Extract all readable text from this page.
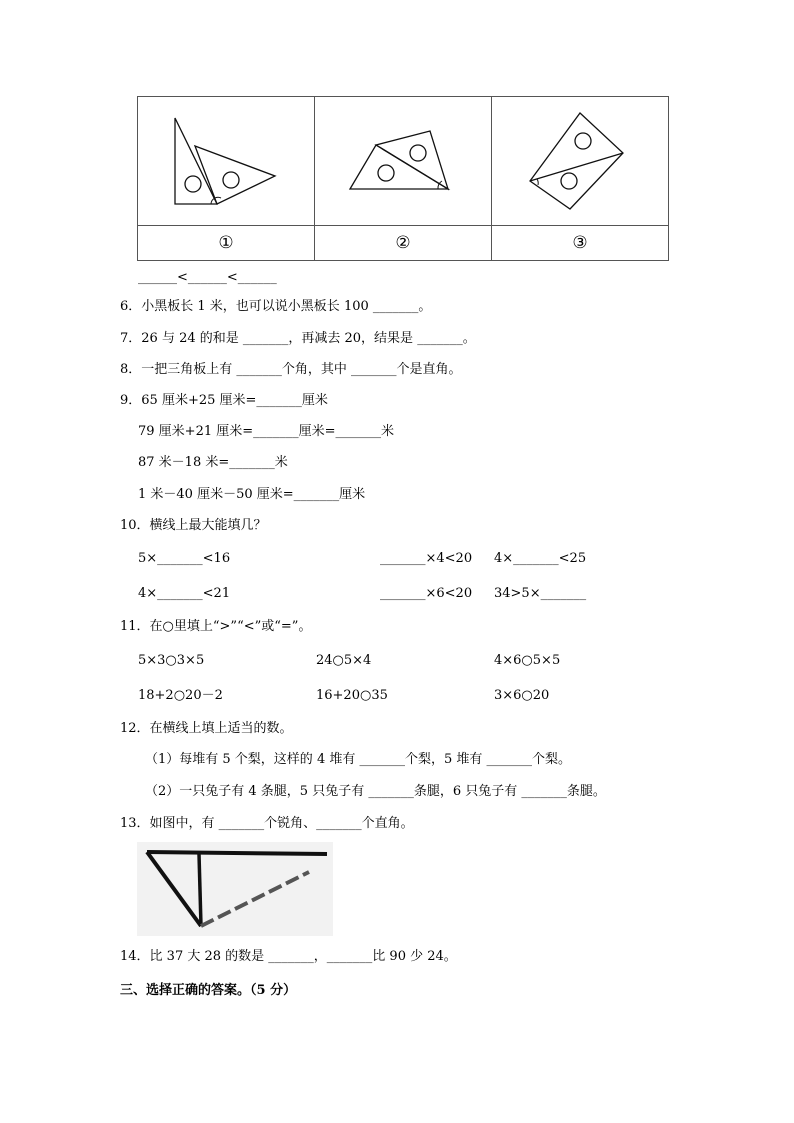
①	②	③
______<______<______
6．小黑板长 1 米，也可以说小黑板长 100 _______。
7．26 与 24 的和是 _______，再减去 20，结果是 _______。
8．一把三角板上有 _______个角，其中 _______个是直角。
9．65 厘米+25 厘米=_______厘米
79 厘米+21 厘米=_______厘米=_______米
87 米－18 米=_______米
1 米－40 厘米－50 厘米=_______厘米
10．横线上最大能填几？
5×_______<16	_______×4<20 4×_______<25
4×_______<21	_______×6<20 34>5×_______
11．在○里填上“>”“<”或“=”。
5×3○3×5	24○5×4	4×6○5×5
18+2○20－2	16+20○35	3×6○20
12．在横线上填上适当的数。
（1）每堆有 5 个梨，这样的 4 堆有 _______个梨，5 堆有 _______个梨。
（2）一只兔子有 4 条腿，5 只兔子有 _______条腿，6 只兔子有 _______条腿。
13．如图中，有 _______个锐角、_______个直角。
14．比 37 大 28 的数是 _______，_______比 90 少 24。
三、选择正确的答案。（5 分）
